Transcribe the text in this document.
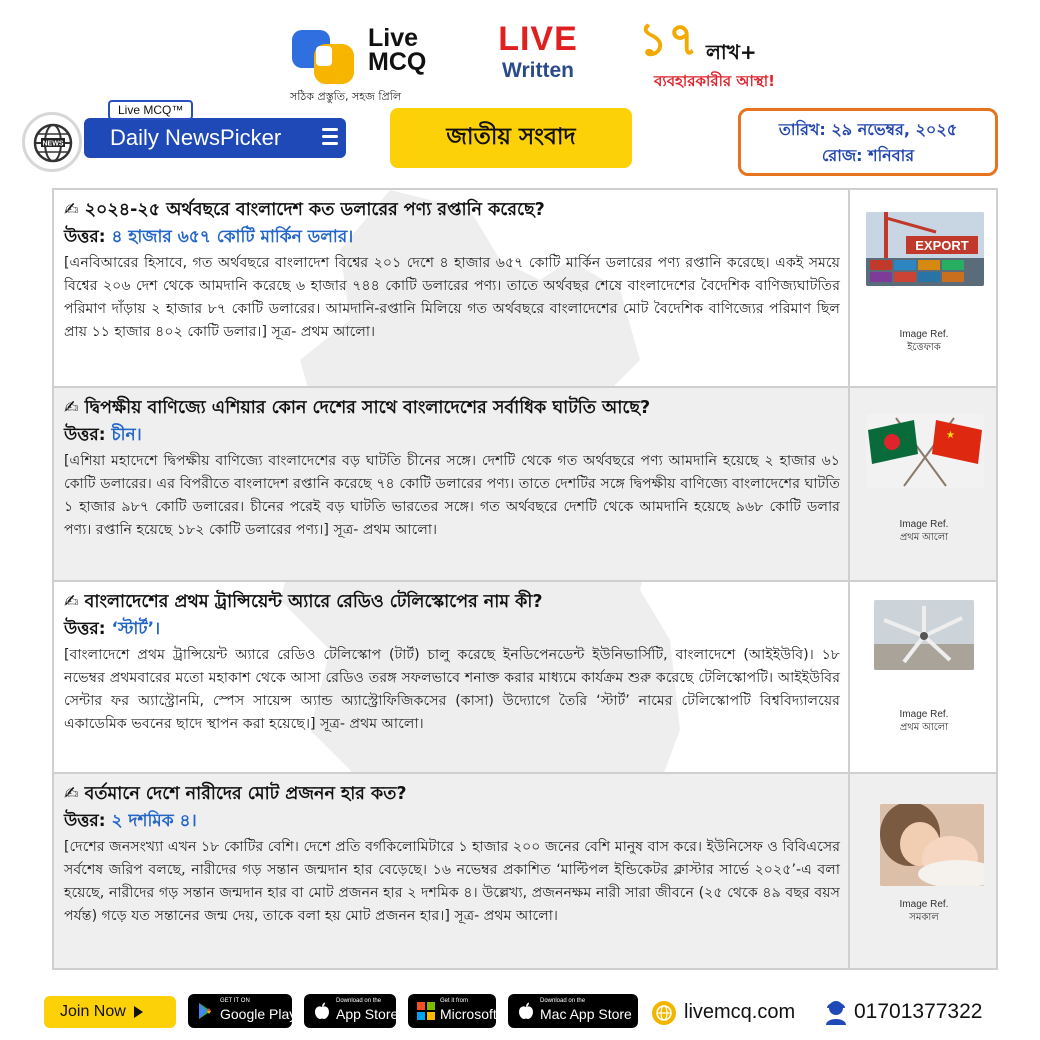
Live
MCQ
সঠিক প্রস্তুতি, সহজ প্রিলি
LIVE
Written
১৭ লাখ+
ব্যবহারকারীর আস্থা!
Daily NewsPicker
NEWS
Live MCQ™
জাতীয় সংবাদ	তারিখ: ২৯ নভেম্বর, ২০২৫
রোজ: শনিবার
✍ ২০২৪-২৫ অর্থবছরে বাংলাদেশ কত ডলারের পণ্য রপ্তানি করেছে?
উত্তর: ৪ হাজার ৬৫৭ কোটি মার্কিন ডলার।
[এনবিআরের হিসাবে, গত অর্থবছরে বাংলাদেশ বিশ্বের ২০১ দেশে ৪ হাজার ৬৫৭ কোটি মার্কিন ডলারের পণ্য রপ্তানি করেছে। একই সময়ে বিশ্বের ২০৬ দেশ থেকে আমদানি করেছে ৬ হাজার ৭৪৪ কোটি ডলারের পণ্য। তাতে অর্থবছর শেষে বাংলাদেশের বৈদেশিক বাণিজ্যঘাটতির পরিমাণ দাঁড়ায় ২ হাজার ৮৭ কোটি ডলারের। আমদানি-রপ্তানি মিলিয়ে গত অর্থবছরে বাংলাদেশের মোট বৈদেশিক বাণিজ্যের পরিমাণ ছিল প্রায় ১১ হাজার ৪০২ কোটি ডলার।] সূত্র- প্রথম আলো।
EXPORT
Image Ref.
ইত্তেফাক
✍ দ্বিপক্ষীয় বাণিজ্যে এশিয়ার কোন দেশের সাথে বাংলাদেশের সর্বাধিক ঘাটতি আছে?
উত্তর: চীন।
[এশিয়া মহাদেশে দ্বিপক্ষীয় বাণিজ্যে বাংলাদেশের বড় ঘাটতি চীনের সঙ্গে। দেশটি থেকে গত অর্থবছরে পণ্য আমদানি হয়েছে ২ হাজার ৬১ কোটি ডলারের। এর বিপরীতে বাংলাদেশ রপ্তানি করেছে ৭৪ কোটি ডলারের পণ্য। তাতে দেশটির সঙ্গে দ্বিপক্ষীয় বাণিজ্যে বাংলাদেশের ঘাটতি ১ হাজার ৯৮৭ কোটি ডলারের। চীনের পরেই বড় ঘাটতি ভারতের সঙ্গে। গত অর্থবছরে দেশটি থেকে আমদানি হয়েছে ৯৬৮ কোটি ডলার পণ্য। রপ্তানি হয়েছে ১৮২ কোটি ডলারের পণ্য।] সূত্র- প্রথম আলো।
★
Image Ref.
প্রথম আলো
✍ বাংলাদেশের প্রথম ট্রান্সিয়েন্ট অ্যারে রেডিও টেলিস্কোপের নাম কী?
উত্তর: ‘স্টার্ট’।
[বাংলাদেশে প্রথম ট্রান্সিয়েন্ট অ্যারে রেডিও টেলিস্কোপ (টার্ট) চালু করেছে ইনডিপেনডেন্ট ইউনিভার্সিটি, বাংলাদেশে (আইইউবি)। ১৮ নভেম্বর প্রথমবারের মতো মহাকাশ থেকে আসা রেডিও তরঙ্গ সফলভাবে শনাক্ত করার মাধ্যমে কার্যক্রম শুরু করেছে টেলিস্কোপটি। আইইউবির সেন্টার ফর অ্যাস্ট্রোনমি, স্পেস সায়েন্স অ্যান্ড অ্যাস্ট্রোফিজিকসের (কাসা) উদ্যোগে তৈরি ‘স্টার্ট’ নামের টেলিস্কোপটি বিশ্ববিদ্যালয়ের একাডেমিক ভবনের ছাদে স্থাপন করা হয়েছে।] সূত্র- প্রথম আলো।
Image Ref.
প্রথম আলো
✍ বর্তমানে দেশে নারীদের মোট প্রজনন হার কত?
উত্তর: ২ দশমিক ৪।
[দেশের জনসংখ্যা এখন ১৮ কোটির বেশি। দেশে প্রতি বর্গকিলোমিটারে ১ হাজার ২০০ জনের বেশি মানুষ বাস করে। ইউনিসেফ ও বিবিএসের সর্বশেষ জরিপ বলছে, নারীদের গড় সন্তান জন্মদান হার বেড়েছে। ১৬ নভেম্বর প্রকাশিত ‘মাল্টিপল ইন্ডিকেটর ক্লাস্টার সার্ভে ২০২৫’-এ বলা হয়েছে, নারীদের গড় সন্তান জন্মদান হার বা মোট প্রজনন হার ২ দশমিক ৪। উল্লেখ্য, প্রজননক্ষম নারী সারা জীবনে (২৫ থেকে ৪৯ বছর বয়স পর্যন্ত) গড়ে যত সন্তানের জন্ম দেয়, তাকে বলা হয় মোট প্রজনন হার।] সূত্র- প্রথম আলো।
Image Ref.
সমকাল
Join Now
GET IT ON
Google Play
Download on the
App Store
Get it from
Microsoft
Download on the
Mac App Store	livemcq.com	01701377322
